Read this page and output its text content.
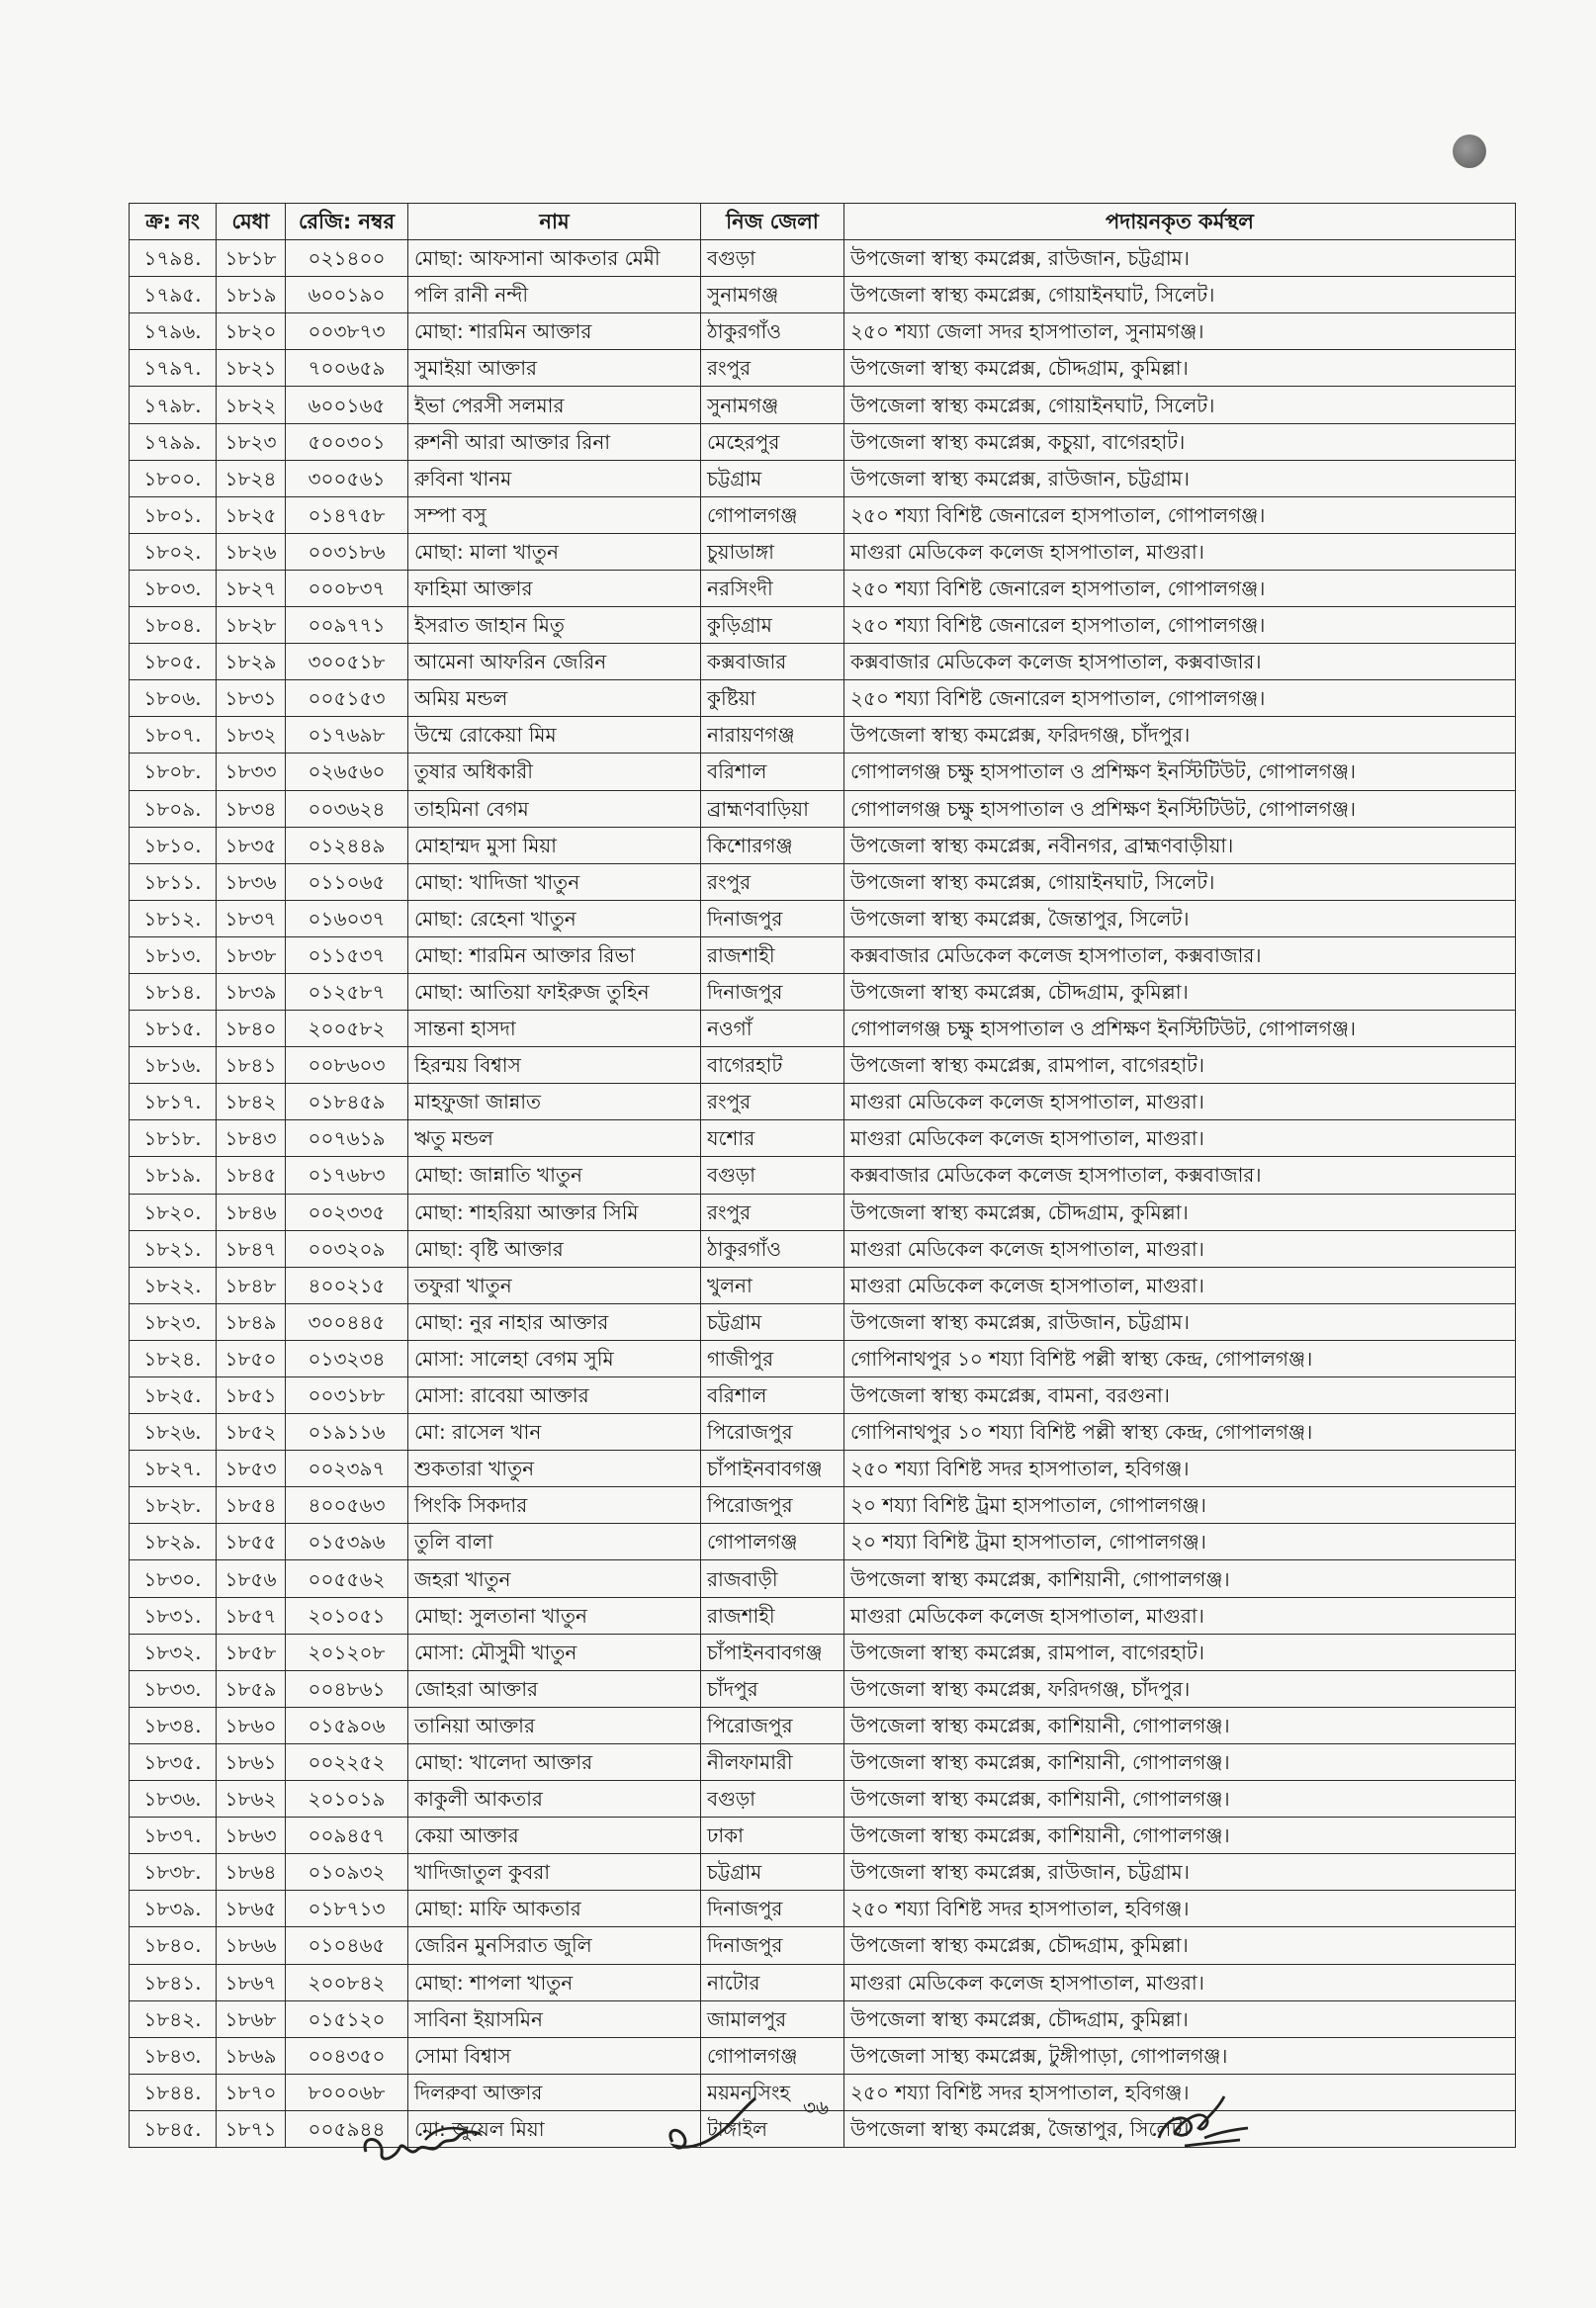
ক্র: নং	মেধা	রেজি: নম্বর	নাম	নিজ জেলা	পদায়নকৃত কর্মস্থল
১৭৯৪.	১৮১৮	০২১৪০০	মোছা: আফসানা আকতার মেমী	বগুড়া	উপজেলা স্বাস্থ্য কমপ্লেক্স, রাউজান, চট্টগ্রাম।
১৭৯৫.	১৮১৯	৬০০১৯০	পলি রানী নন্দী	সুনামগঞ্জ	উপজেলা স্বাস্থ্য কমপ্লেক্স, গোয়াইনঘাট, সিলেট।
১৭৯৬.	১৮২০	০০৩৮৭৩	মোছা: শারমিন আক্তার	ঠাকুরগাঁও	২৫০ শয্যা জেলা সদর হাসপাতাল, সুনামগঞ্জ।
১৭৯৭.	১৮২১	৭০০৬৫৯	সুমাইয়া আক্তার	রংপুর	উপজেলা স্বাস্থ্য কমপ্লেক্স, চৌদ্দগ্রাম, কুমিল্লা।
১৭৯৮.	১৮২২	৬০০১৬৫	ইভা পেরসী সলমার	সুনামগঞ্জ	উপজেলা স্বাস্থ্য কমপ্লেক্স, গোয়াইনঘাট, সিলেট।
১৭৯৯.	১৮২৩	৫০০৩০১	রুশনী আরা আক্তার রিনা	মেহেরপুর	উপজেলা স্বাস্থ্য কমপ্লেক্স, কচুয়া, বাগেরহাট।
১৮০০.	১৮২৪	৩০০৫৬১	রুবিনা খানম	চট্টগ্রাম	উপজেলা স্বাস্থ্য কমপ্লেক্স, রাউজান, চট্টগ্রাম।
১৮০১.	১৮২৫	০১৪৭৫৮	সম্পা বসু	গোপালগঞ্জ	২৫০ শয্যা বিশিষ্ট জেনারেল হাসপাতাল, গোপালগঞ্জ।
১৮০২.	১৮২৬	০০৩১৮৬	মোছা: মালা খাতুন	চুয়াডাঙ্গা	মাগুরা মেডিকেল কলেজ হাসপাতাল, মাগুরা।
১৮০৩.	১৮২৭	০০০৮৩৭	ফাহিমা আক্তার	নরসিংদী	২৫০ শয্যা বিশিষ্ট জেনারেল হাসপাতাল, গোপালগঞ্জ।
১৮০৪.	১৮২৮	০০৯৭৭১	ইসরাত জাহান মিতু	কুড়িগ্রাম	২৫০ শয্যা বিশিষ্ট জেনারেল হাসপাতাল, গোপালগঞ্জ।
১৮০৫.	১৮২৯	৩০০৫১৮	আমেনা আফরিন জেরিন	কক্সবাজার	কক্সবাজার মেডিকেল কলেজ হাসপাতাল, কক্সবাজার।
১৮০৬.	১৮৩১	০০৫১৫৩	অমিয় মন্ডল	কুষ্টিয়া	২৫০ শয্যা বিশিষ্ট জেনারেল হাসপাতাল, গোপালগঞ্জ।
১৮০৭.	১৮৩২	০১৭৬৯৮	উম্মে রোকেয়া মিম	নারায়ণগঞ্জ	উপজেলা স্বাস্থ্য কমপ্লেক্স, ফরিদগঞ্জ, চাঁদপুর।
১৮০৮.	১৮৩৩	০২৬৫৬০	তুষার অধিকারী	বরিশাল	গোপালগঞ্জ চক্ষু হাসপাতাল ও প্রশিক্ষণ ইনস্টিটিউট, গোপালগঞ্জ।
১৮০৯.	১৮৩৪	০০৩৬২৪	তাহমিনা বেগম	ব্রাহ্মণবাড়িয়া	গোপালগঞ্জ চক্ষু হাসপাতাল ও প্রশিক্ষণ ইনস্টিটিউট, গোপালগঞ্জ।
১৮১০.	১৮৩৫	০১২৪৪৯	মোহাম্মদ মুসা মিয়া	কিশোরগঞ্জ	উপজেলা স্বাস্থ্য কমপ্লেক্স, নবীনগর, ব্রাহ্মণবাড়ীয়া।
১৮১১.	১৮৩৬	০১১০৬৫	মোছা: খাদিজা খাতুন	রংপুর	উপজেলা স্বাস্থ্য কমপ্লেক্স, গোয়াইনঘাট, সিলেট।
১৮১২.	১৮৩৭	০১৬০৩৭	মোছা: রেহেনা খাতুন	দিনাজপুর	উপজেলা স্বাস্থ্য কমপ্লেক্স, জৈন্তাপুর, সিলেট।
১৮১৩.	১৮৩৮	০১১৫৩৭	মোছা: শারমিন আক্তার রিভা	রাজশাহী	কক্সবাজার মেডিকেল কলেজ হাসপাতাল, কক্সবাজার।
১৮১৪.	১৮৩৯	০১২৫৮৭	মোছা: আতিয়া ফাইরুজ তুহিন	দিনাজপুর	উপজেলা স্বাস্থ্য কমপ্লেক্স, চৌদ্দগ্রাম, কুমিল্লা।
১৮১৫.	১৮৪০	২০০৫৮২	সান্তনা হাসদা	নওগাঁ	গোপালগঞ্জ চক্ষু হাসপাতাল ও প্রশিক্ষণ ইনস্টিটিউট, গোপালগঞ্জ।
১৮১৬.	১৮৪১	০০৮৬০৩	হিরন্ময় বিশ্বাস	বাগেরহাট	উপজেলা স্বাস্থ্য কমপ্লেক্স, রামপাল, বাগেরহাট।
১৮১৭.	১৮৪২	০১৮৪৫৯	মাহফুজা জান্নাত	রংপুর	মাগুরা মেডিকেল কলেজ হাসপাতাল, মাগুরা।
১৮১৮.	১৮৪৩	০০৭৬১৯	ঋতু মন্ডল	যশোর	মাগুরা মেডিকেল কলেজ হাসপাতাল, মাগুরা।
১৮১৯.	১৮৪৫	০১৭৬৮৩	মোছা: জান্নাতি খাতুন	বগুড়া	কক্সবাজার মেডিকেল কলেজ হাসপাতাল, কক্সবাজার।
১৮২০.	১৮৪৬	০০২৩৩৫	মোছা: শাহরিয়া আক্তার সিমি	রংপুর	উপজেলা স্বাস্থ্য কমপ্লেক্স, চৌদ্দগ্রাম, কুমিল্লা।
১৮২১.	১৮৪৭	০০৩২০৯	মোছা: বৃষ্টি আক্তার	ঠাকুরগাঁও	মাগুরা মেডিকেল কলেজ হাসপাতাল, মাগুরা।
১৮২২.	১৮৪৮	৪০০২১৫	তফুরা খাতুন	খুলনা	মাগুরা মেডিকেল কলেজ হাসপাতাল, মাগুরা।
১৮২৩.	১৮৪৯	৩০০৪৪৫	মোছা: নুর নাহার আক্তার	চট্টগ্রাম	উপজেলা স্বাস্থ্য কমপ্লেক্স, রাউজান, চট্টগ্রাম।
১৮২৪.	১৮৫০	০১৩২৩৪	মোসা: সালেহা বেগম সুমি	গাজীপুর	গোপিনাথপুর ১০ শয্যা বিশিষ্ট পল্লী স্বাস্থ্য কেন্দ্র, গোপালগঞ্জ।
১৮২৫.	১৮৫১	০০৩১৮৮	মোসা: রাবেয়া আক্তার	বরিশাল	উপজেলা স্বাস্থ্য কমপ্লেক্স, বামনা, বরগুনা।
১৮২৬.	১৮৫২	০১৯১১৬	মো: রাসেল খান	পিরোজপুর	গোপিনাথপুর ১০ শয্যা বিশিষ্ট পল্লী স্বাস্থ্য কেন্দ্র, গোপালগঞ্জ।
১৮২৭.	১৮৫৩	০০২৩৯৭	শুকতারা খাতুন	চাঁপাইনবাবগঞ্জ	২৫০ শয্যা বিশিষ্ট সদর হাসপাতাল, হবিগঞ্জ।
১৮২৮.	১৮৫৪	৪০০৫৬৩	পিংকি সিকদার	পিরোজপুর	২০ শয্যা বিশিষ্ট ট্রমা হাসপাতাল, গোপালগঞ্জ।
১৮২৯.	১৮৫৫	০১৫৩৯৬	তুলি বালা	গোপালগঞ্জ	২০ শয্যা বিশিষ্ট ট্রমা হাসপাতাল, গোপালগঞ্জ।
১৮৩০.	১৮৫৬	০০৫৫৬২	জহরা খাতুন	রাজবাড়ী	উপজেলা স্বাস্থ্য কমপ্লেক্স, কাশিয়ানী, গোপালগঞ্জ।
১৮৩১.	১৮৫৭	২০১০৫১	মোছা: সুলতানা খাতুন	রাজশাহী	মাগুরা মেডিকেল কলেজ হাসপাতাল, মাগুরা।
১৮৩২.	১৮৫৮	২০১২০৮	মোসা: মৌসুমী খাতুন	চাঁপাইনবাবগঞ্জ	উপজেলা স্বাস্থ্য কমপ্লেক্স, রামপাল, বাগেরহাট।
১৮৩৩.	১৮৫৯	০০৪৮৬১	জোহরা আক্তার	চাঁদপুর	উপজেলা স্বাস্থ্য কমপ্লেক্স, ফরিদগঞ্জ, চাঁদপুর।
১৮৩৪.	১৮৬০	০১৫৯০৬	তানিয়া আক্তার	পিরোজপুর	উপজেলা স্বাস্থ্য কমপ্লেক্স, কাশিয়ানী, গোপালগঞ্জ।
১৮৩৫.	১৮৬১	০০২২৫২	মোছা: খালেদা আক্তার	নীলফামারী	উপজেলা স্বাস্থ্য কমপ্লেক্স, কাশিয়ানী, গোপালগঞ্জ।
১৮৩৬.	১৮৬২	২০১০১৯	কাকুলী আকতার	বগুড়া	উপজেলা স্বাস্থ্য কমপ্লেক্স, কাশিয়ানী, গোপালগঞ্জ।
১৮৩৭.	১৮৬৩	০০৯৪৫৭	কেয়া আক্তার	ঢাকা	উপজেলা স্বাস্থ্য কমপ্লেক্স, কাশিয়ানী, গোপালগঞ্জ।
১৮৩৮.	১৮৬৪	০১০৯৩২	খাদিজাতুল কুবরা	চট্টগ্রাম	উপজেলা স্বাস্থ্য কমপ্লেক্স, রাউজান, চট্টগ্রাম।
১৮৩৯.	১৮৬৫	০১৮৭১৩	মোছা: মাফি আকতার	দিনাজপুর	২৫০ শয্যা বিশিষ্ট সদর হাসপাতাল, হবিগঞ্জ।
১৮৪০.	১৮৬৬	০১০৪৬৫	জেরিন মুনসিরাত জুলি	দিনাজপুর	উপজেলা স্বাস্থ্য কমপ্লেক্স, চৌদ্দগ্রাম, কুমিল্লা।
১৮৪১.	১৮৬৭	২০০৮৪২	মোছা: শাপলা খাতুন	নাটোর	মাগুরা মেডিকেল কলেজ হাসপাতাল, মাগুরা।
১৮৪২.	১৮৬৮	০১৫১২০	সাবিনা ইয়াসমিন	জামালপুর	উপজেলা স্বাস্থ্য কমপ্লেক্স, চৌদ্দগ্রাম, কুমিল্লা।
১৮৪৩.	১৮৬৯	০০৪৩৫০	সোমা বিশ্বাস	গোপালগঞ্জ	উপজেলা সাস্থ্য কমপ্লেক্স, টুঙ্গীপাড়া, গোপালগঞ্জ।
১৮৪৪.	১৮৭০	৮০০০৬৮	দিলরুবা আক্তার	ময়মনসিংহ	২৫০ শয্যা বিশিষ্ট সদর হাসপাতাল, হবিগঞ্জ।
১৮৪৫.	১৮৭১	০০৫৯৪৪	মো: জুয়েল মিয়া	টাঙ্গাইল	উপজেলা স্বাস্থ্য কমপ্লেক্স, জৈন্তাপুর, সিলেট।
৩৬
